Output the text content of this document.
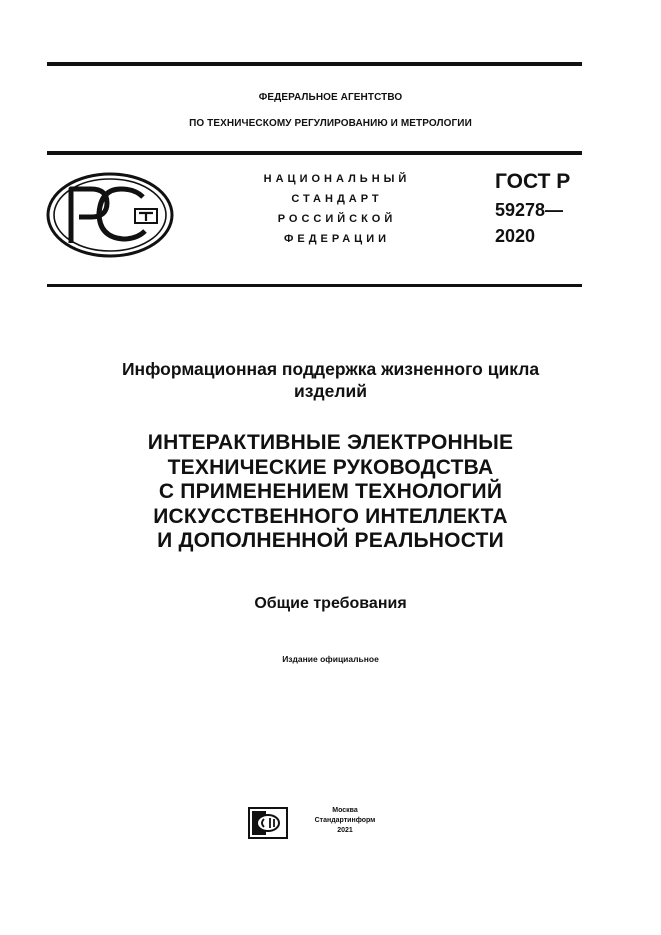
ФЕДЕРАЛЬНОЕ АГЕНТСТВО
ПО ТЕХНИЧЕСКОМУ РЕГУЛИРОВАНИЮ И МЕТРОЛОГИИ
НАЦИОНАЛЬНЫЙ
СТАНДАРТ
РОССИЙСКОЙ
ФЕДЕРАЦИИ
ГОСТ Р
59278—
2020
Информационная поддержка жизненного цикла
изделий
ИНТЕРАКТИВНЫЕ ЭЛЕКТРОННЫЕ
ТЕХНИЧЕСКИЕ РУКОВОДСТВА
С ПРИМЕНЕНИЕМ ТЕХНОЛОГИЙ
ИСКУССТВЕННОГО ИНТЕЛЛЕКТА
И ДОПОЛНЕННОЙ РЕАЛЬНОСТИ
Общие требования
Издание официальное
Москва
Стандартинформ
2021
